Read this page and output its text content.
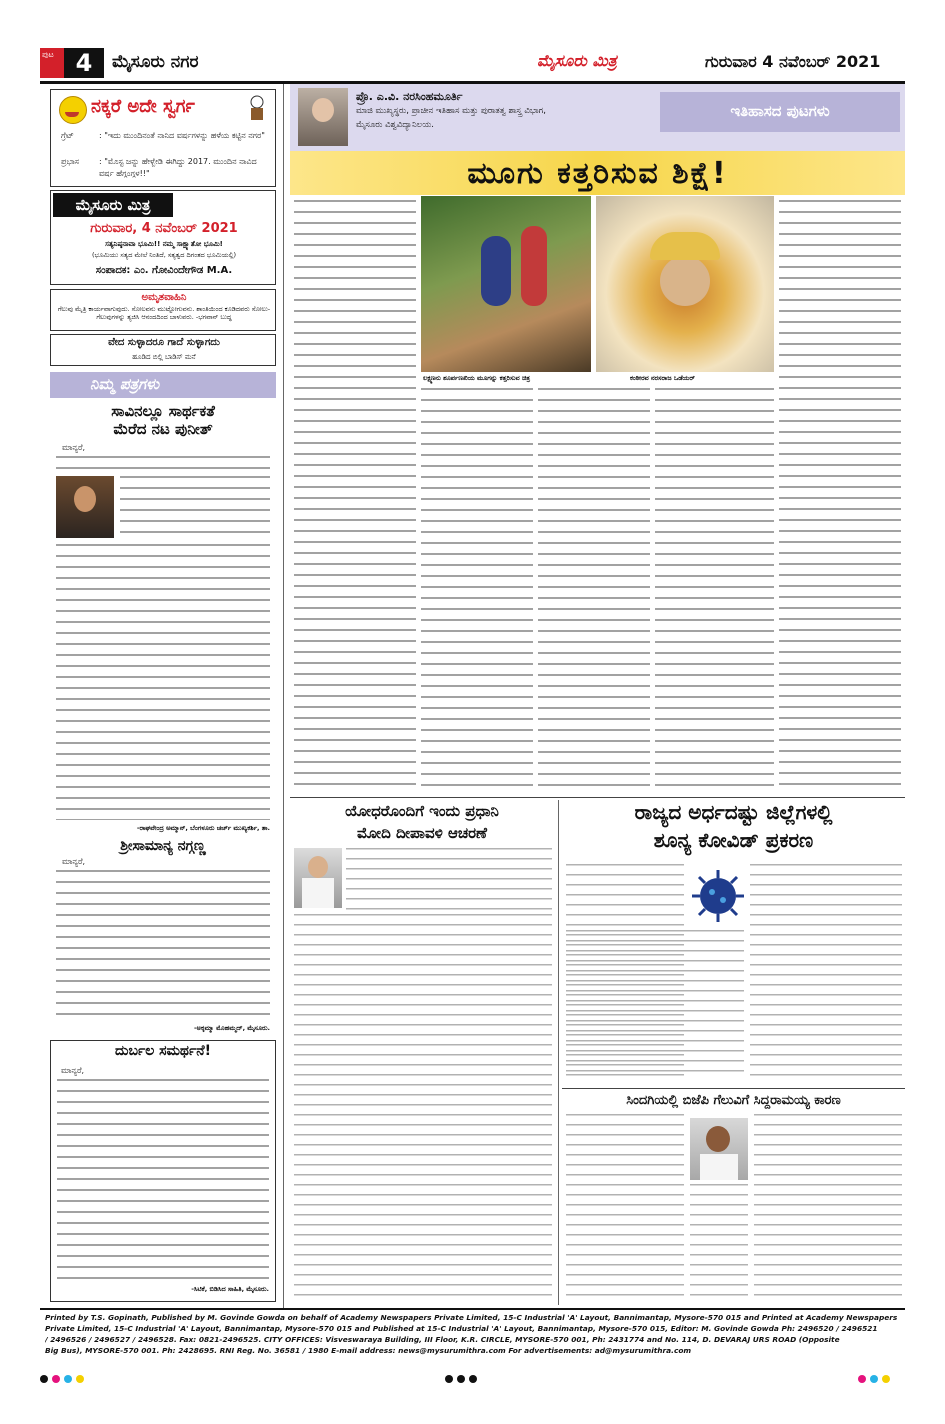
ಪುಟ 4	ಮೈಸೂರು ನಗರ	ಮೈಸೂರು ಮಿತ್ರ	ಗುರುವಾರ 4 ನವೆಂಬರ್ 2021
ನಕ್ಕರೆ ಅದೇ ಸ್ವರ್ಗ
ಗ್ರೆಟ್	: "ಇದು ಮುಂದಿನಂತೆ ನಾನಿದ ವರ್ಷಗಳನ್ನು ಹಳೆಯ ಕಟ್ಟಿನ ನಗರ"
ಪ್ರಭಾಸ	: "ಮೊಸ್ಟ ಜನ್ನು ಹೇಳ್ಬೇಡಿ ಈಗಿದ್ದು 2017. ಮುಂದಿನ ನಾವಿದ ವರ್ಷ ಹೆಗ್ಗಂಗ್ಗಳ!!"
ಮೈಸೂರು ಮಿತ್ರ
ಗುರುವಾರ, 4 ನವೆಂಬರ್ 2021
ಸತ್ಯನಿಷ್ಠನಾವಾ ಭೂಮಿ!! ನಮ್ಮ ಸಾಕ್ಷ್ಯಾತೋ ಭೂಮಿ!
(ಭೂಮಿಯು ಸತ್ಯದ ಮೇಲೆ ನಿಂತಿದೆ, ಸತ್ಯತ್ವದ ದಿಗಂತದ ಭೂಮಿಯಲ್ಲಿ)
ಸಂಪಾದಕ: ಎಂ. ಗೋವಿಂದೇಗೌಡ M.A.
ಅಮೃತವಾಹಿನಿ
ಗೆಲುವು ಮೈತ್ರಿ ಕಾರ್ಯವಾಗುವುದು. ಸೋಲವನು ಮುಟ್ಟೋಗುವನು. ಶಾಂತಿಯಿಂದ ಕೂಡಿದವರು ಸೋಲು-ಗೆಲುವುಗಳನ್ನು ತ್ಯಜಿಸಿ ಆನಂದದಿಂದ ಬಾಳುವರು. -ಭಗವಾನ್ ಬುದ್ಧ
ವೇದ ಸುಳ್ಳಾದರೂ ಗಾದೆ ಸುಳ್ಳಾಗದು
ಹೂಡಿದ ಬಿಲ್ಲಿ ಬಾಡಿಸ್ ಮನೆ
ನಿಮ್ಮ ಪತ್ರಗಳು
ಸಾವಿನಲ್ಲೂ ಸಾರ್ಥಕತೆ
ಮೆರೆದ ನಟ ಪುನೀತ್
ಮಾನ್ಯರೆ,
-ರಾಘವೇಂದ್ರ ಅಮ್ಮಾನ್, ಬೆಂಗಳೂರು ಚರ್ಚ್ ಮುಖ್ಯಕರ್ಶಿ, ತಾ.
ಶ್ರೀಸಾಮಾನ್ಯ ನಗ್ಗಣ್ಣ
ಮಾನ್ಯರೆ,
-ಅಕ್ಕಮ್ಮಾ ಮೊಹಮ್ಮದ್, ಮೈಸೂರು.
ದುರ್ಬಲ ಸಮರ್ಥನೆ!
ಮಾನ್ಯರೆ,
-ಸಿಟಿಕೆ, ಬಿಡಿಸಿದ ಸಾಹಿತಿ, ಮೈಸೂರು.
ಪ್ರೊ. ಎ.ವಿ. ನರಸಿಂಹಮೂರ್ತಿ
ಮಾಜಿ ಮುಖ್ಯಸ್ಥರು, ಪ್ರಾಚೀನ ಇತಿಹಾಸ ಮತ್ತು ಪುರಾತತ್ವ ಶಾಸ್ತ್ರ ವಿಭಾಗ,
ಮೈಸೂರು ವಿಶ್ವವಿದ್ಯಾನಿಲಯ.
ಇತಿಹಾಸದ ಪುಟಗಳು
ಮೂಗು ಕತ್ತರಿಸುವ ಶಿಕ್ಷೆ!
ಲಕ್ಷ್ಮಣನು ಶೂರ್ಪಣಖಿಯ ಮೂಗನ್ನು ಕತ್ತರಿಸುವ ಚಿತ್ರ	ಕಂಠೀರವ ನರಸರಾಜ ಒಡೆಯರ್
ಯೋಧರೊಂದಿಗೆ ಇಂದು ಪ್ರಧಾನಿ
ಮೋದಿ ದೀಪಾವಳಿ ಆಚರಣೆ
ರಾಜ್ಯದ ಅರ್ಧದಷ್ಟು ಜಿಲ್ಲೆಗಳಲ್ಲಿ
ಶೂನ್ಯ ಕೋವಿಡ್ ಪ್ರಕರಣ
ಸಿಂದಗಿಯಲ್ಲಿ ಬಿಜೆಪಿ ಗೆಲುವಿಗೆ ಸಿದ್ದರಾಮಯ್ಯ ಕಾರಣ
Printed by T.S. Gopinath, Published by M. Govinde Gowda on behalf of Academy Newspapers Private Limited, 15-C Industrial 'A' Layout, Bannimantap, Mysore-570 015 and Printed at Academy Newspapers
Private Limited, 15-C Industrial 'A' Layout, Bannimantap, Mysore-570 015 and Published at 15-C Industrial 'A' Layout, Bannimantap, Mysore-570 015, Editor: M. Govinde Gowda Ph: 2496520 / 2496521
/ 2496526 / 2496527 / 2496528. Fax: 0821-2496525. CITY OFFICES: Visveswaraya Building, III Floor, K.R. CIRCLE, MYSORE-570 001, Ph: 2431774 and No. 114, D. DEVARAJ URS ROAD (Opposite
Big Bus), MYSORE-570 001. Ph: 2428695. RNI Reg. No. 36581 / 1980 E-mail address: news@mysurumithra.com For advertisements: ad@mysurumithra.com
